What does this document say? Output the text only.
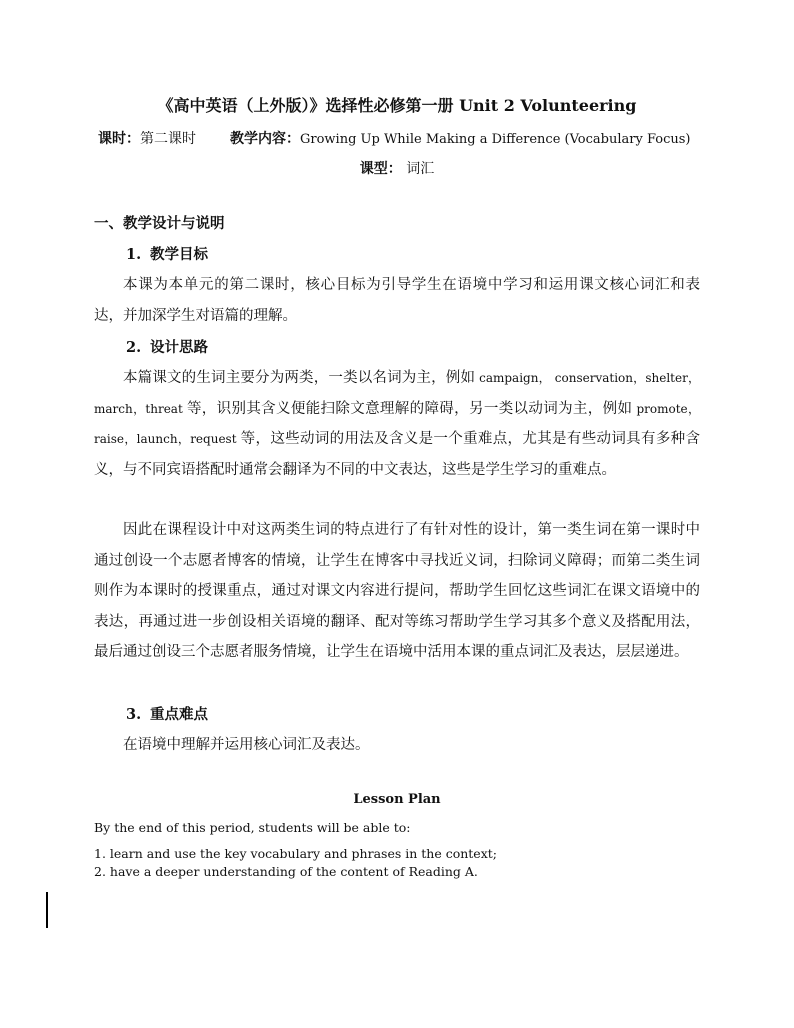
《高中英语（上外版）》选择性必修第一册 Unit 2 Volunteering
课时：第二课时 教学内容：Growing Up While Making a Difference (Vocabulary Focus)
课型： 词汇
一、教学设计与说明
1. 教学目标
本课为本单元的第二课时，核心目标为引导学生在语境中学习和运用课文核心词汇和表达，并加深学生对语篇的理解。
2. 设计思路
本篇课文的生词主要分为两类，一类以名词为主，例如 campaign， conservation，shelter，march，threat 等，识别其含义便能扫除文意理解的障碍，另一类以动词为主，例如 promote，raise，launch，request 等，这些动词的用法及含义是一个重难点，尤其是有些动词具有多种含义，与不同宾语搭配时通常会翻译为不同的中文表达，这些是学生学习的重难点。
因此在课程设计中对这两类生词的特点进行了有针对性的设计，第一类生词在第一课时中通过创设一个志愿者博客的情境，让学生在博客中寻找近义词，扫除词义障碍；而第二类生词则作为本课时的授课重点，通过对课文内容进行提问，帮助学生回忆这些词汇在课文语境中的表达，再通过进一步创设相关语境的翻译、配对等练习帮助学生学习其多个意义及搭配用法，最后通过创设三个志愿者服务情境，让学生在语境中活用本课的重点词汇及表达，层层递进。
3. 重点难点
在语境中理解并运用核心词汇及表达。
Lesson Plan
By the end of this period, students will be able to:
1. learn and use the key vocabulary and phrases in the context;
2. have a deeper understanding of the content of Reading A.
